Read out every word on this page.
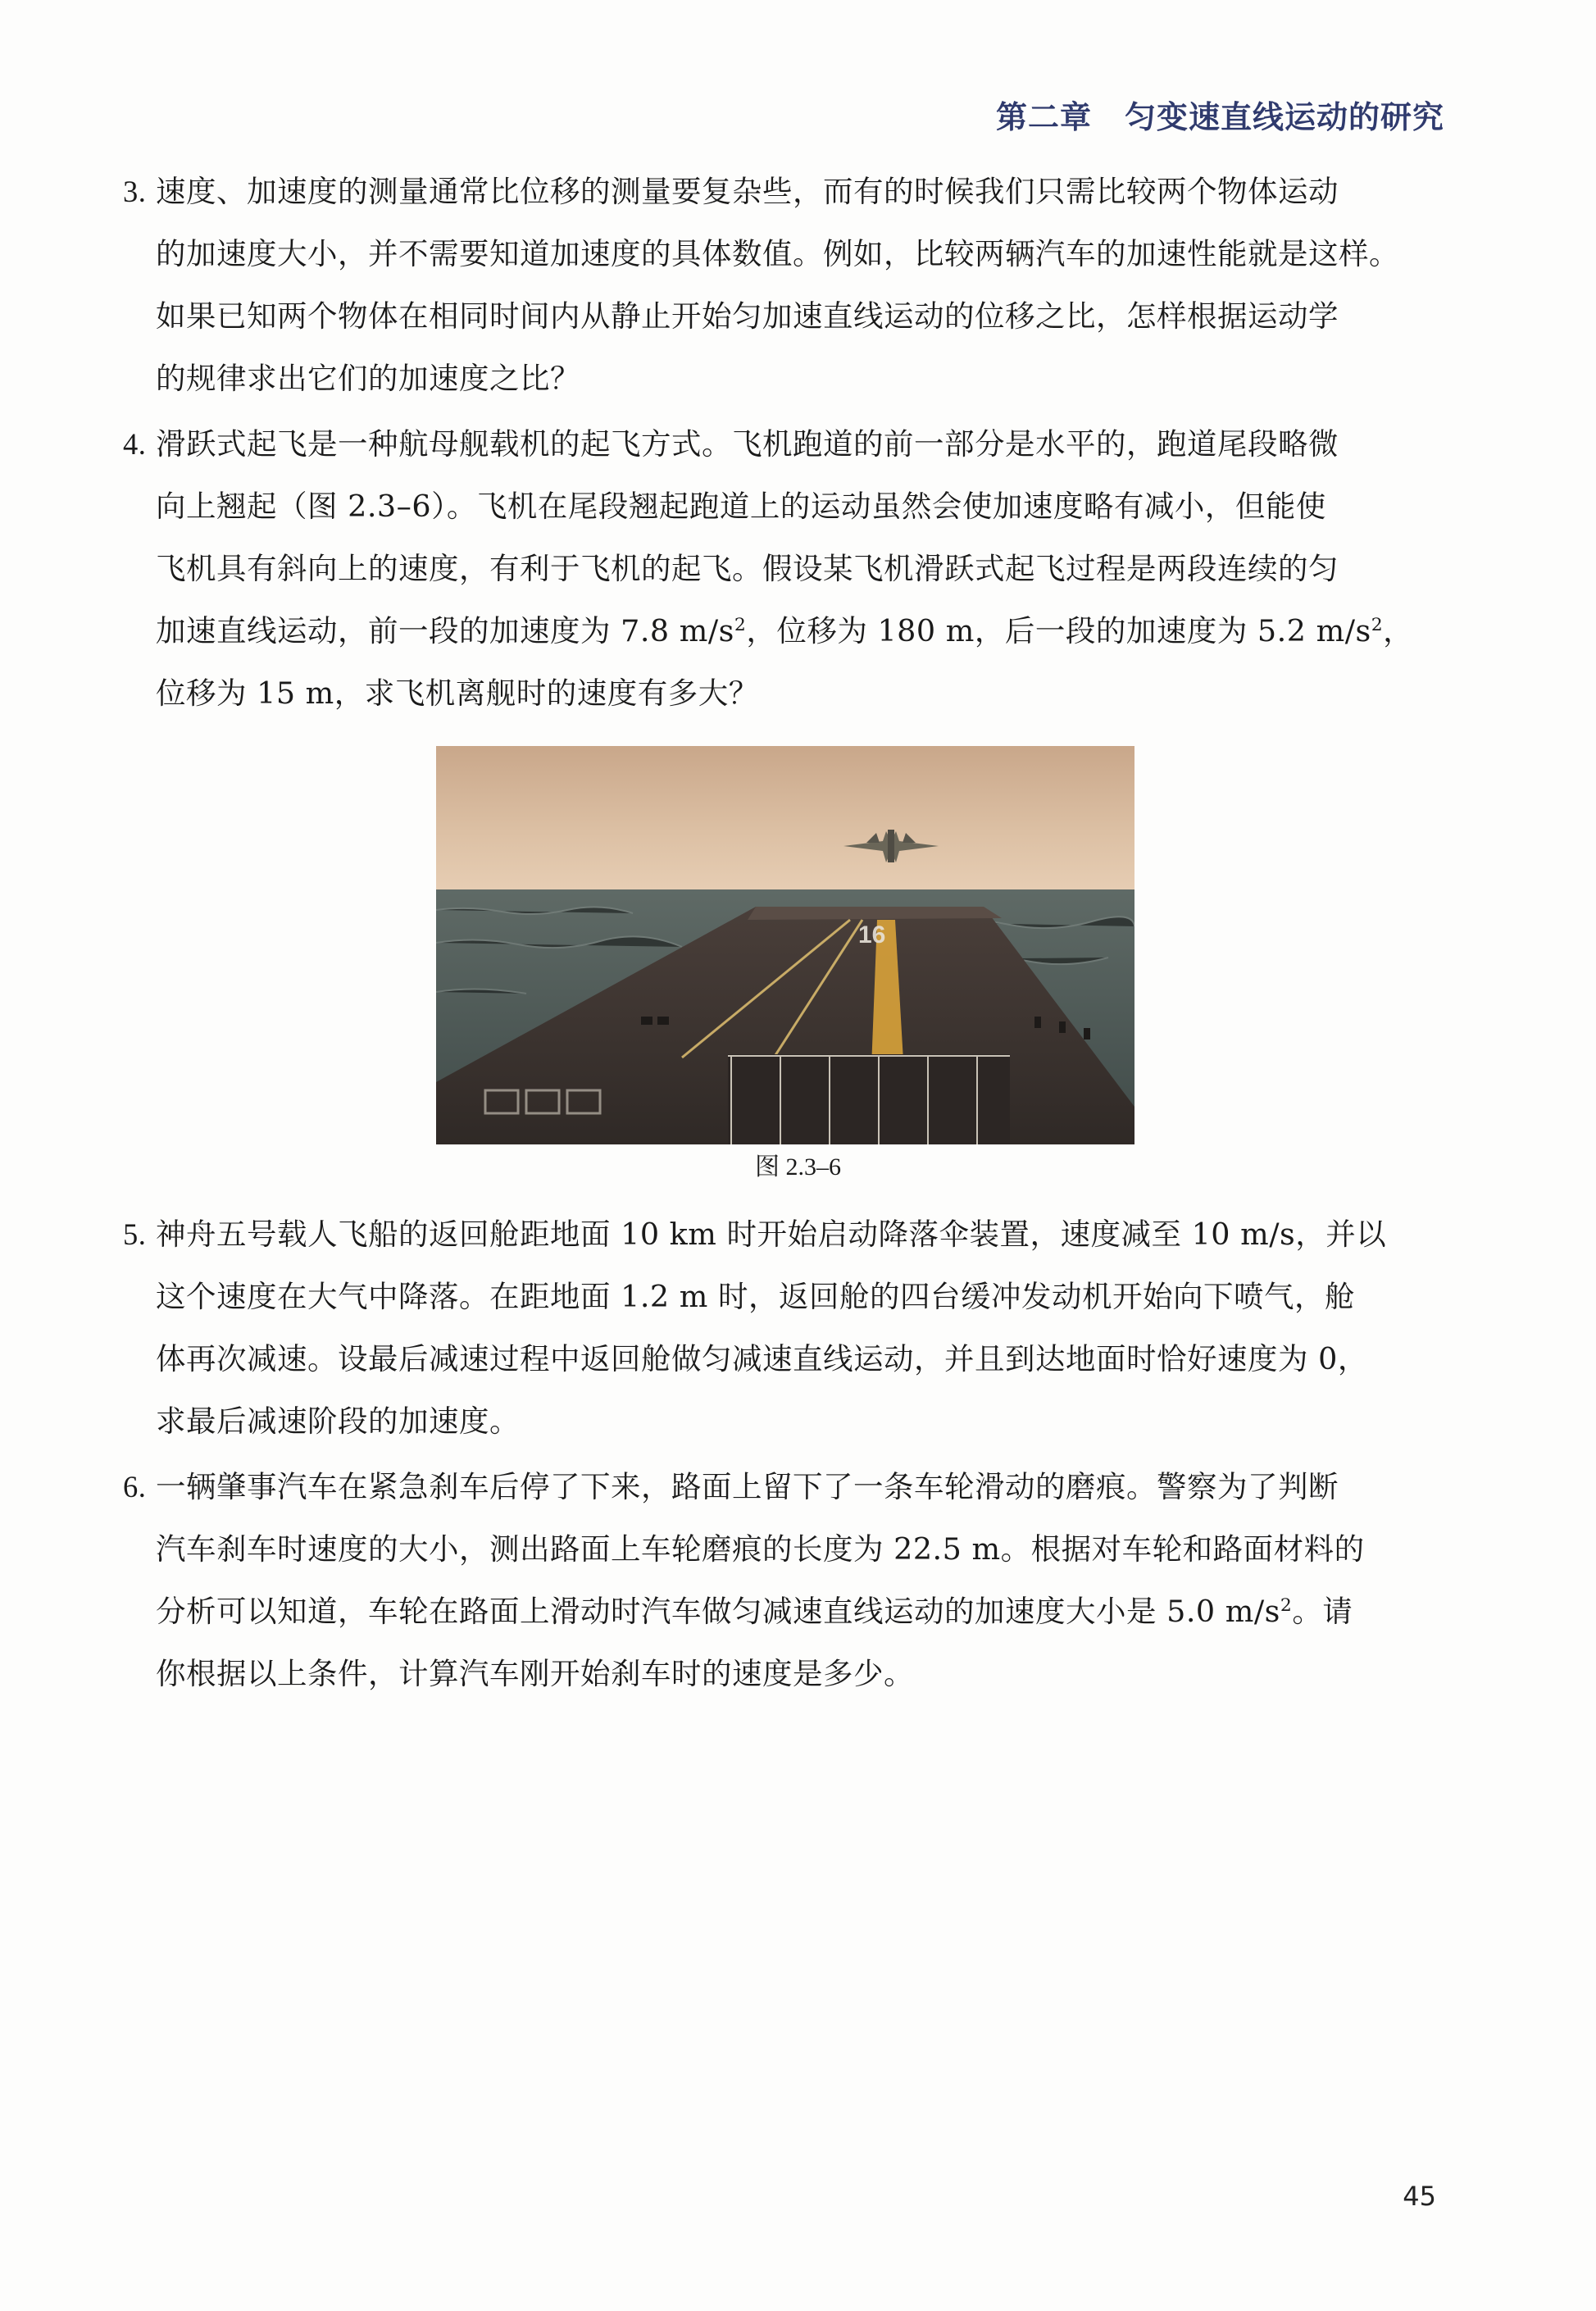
第二章 匀变速直线运动的研究
3. 速度、加速度的测量通常比位移的测量要复杂些，而有的时候我们只需比较两个物体运动
的加速度大小，并不需要知道加速度的具体数值。例如，比较两辆汽车的加速性能就是这样。
如果已知两个物体在相同时间内从静止开始匀加速直线运动的位移之比，怎样根据运动学
的规律求出它们的加速度之比？
4. 滑跃式起飞是一种航母舰载机的起飞方式。飞机跑道的前一部分是水平的，跑道尾段略微
向上翘起（图 2.3–6）。飞机在尾段翘起跑道上的运动虽然会使加速度略有减小，但能使
飞机具有斜向上的速度，有利于飞机的起飞。假设某飞机滑跃式起飞过程是两段连续的匀
加速直线运动，前一段的加速度为 7.8 $m/s^2$，位移为 180 m，后一段的加速度为 5.2 $m/s^2$，
位移为 15 m，求飞机离舰时的速度有多大？
16
图 2.3–6
5. 神舟五号载人飞船的返回舱距地面 10 km 时开始启动降落伞装置，速度减至 10 m/s，并以
这个速度在大气中降落。在距地面 1.2 m 时，返回舱的四台缓冲发动机开始向下喷气，舱
体再次减速。设最后减速过程中返回舱做匀减速直线运动，并且到达地面时恰好速度为 0，
求最后减速阶段的加速度。
6. 一辆肇事汽车在紧急刹车后停了下来，路面上留下了一条车轮滑动的磨痕。警察为了判断
汽车刹车时速度的大小，测出路面上车轮磨痕的长度为 22.5 m。根据对车轮和路面材料的
分析可以知道，车轮在路面上滑动时汽车做匀减速直线运动的加速度大小是 5.0 $m/s^2$。请
你根据以上条件，计算汽车刚开始刹车时的速度是多少。
45
